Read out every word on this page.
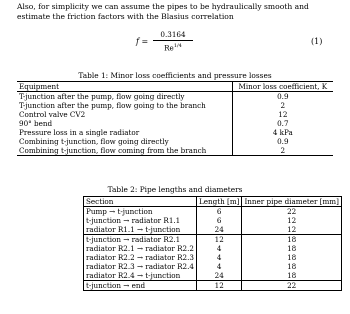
Also, for simplicity we can assume the pipes to be hydraulically smooth and estimate the friction factors with the Blasius correlation
$f = \frac{0.3164}{Re^{1/4}}$	(1)
Table 1: Minor loss coefficients and pressure losses
Equipment	Minor loss coefficient, K
T-junction after the pump, flow going directly	0.9
T-junction after the pump, flow going to the branch	2
Control valve CV2	12
90° bend	0.7
Pressure loss in a single radiator	4 kPa
Combining t-junction, flow going directly	0.9
Combining t-junction, flow coming from the branch	2
Table 2: Pipe lengths and diameters
Section	Length [m]	Inner pipe diameter [mm]
Pump → t-junction	6	22
t-junction → radiator R1.1	6	12
radiator R1.1 → t-junction	24	12
t-junction → radiator R2.1	12	18
radiator R2.1 → radiator R2.2	4	18
radiator R2.2 → radiator R2.3	4	18
radiator R2.3 → radiator R2.4	4	18
radiator R2.4 → t-junction	24	18
t-junction → end	12	22
